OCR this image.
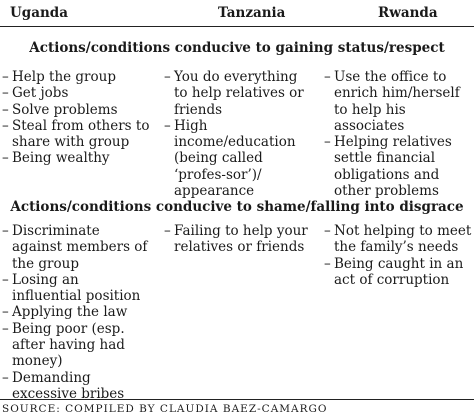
Uganda	Tanzania	Rwanda
Actions/conditions conducive to gaining status/respect
– Help the group
– Get jobs
– Solve problems
– Steal from others to share with group
– Being wealthy
– You do everything to help relatives or friends
– High income/education (being called ‘profes-sor’)/ appearance
– Use the office to enrich him/herself to help his associates
– Helping relatives settle financial obligations and other problems
Actions/conditions conducive to shame/falling into disgrace
– Discriminate against members of the group
– Losing an influential position
– Applying the law
– Being poor (esp. after having had money)
– Demanding excessive bribes
– Failing to help your relatives or friends
– Not helping to meet the family’s needs
– Being caught in an act of corruption
SOURCE: COMPILED BY CLAUDIA BAEZ-CAMARGO
